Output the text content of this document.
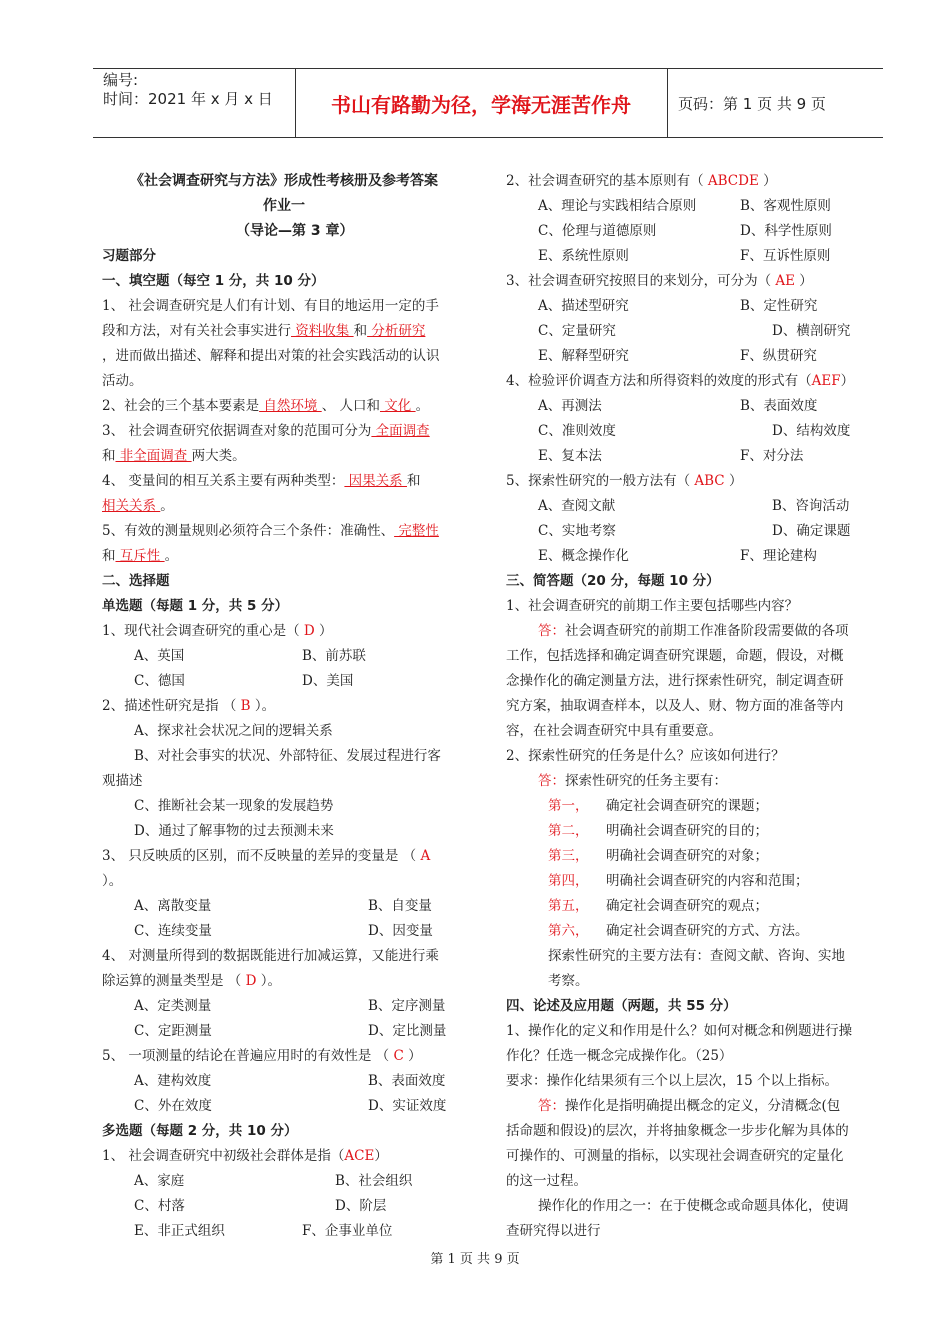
编号:
时间：2021 年 x 月 x 日	书山有路勤为径，学海无涯苦作舟	页码：第 1 页 共 9 页
《社会调查研究与方法》形成性考核册及参考答案
作业一
（导论—第 3 章）
习题部分
一、填空题（每空 1 分，共 10 分）
1、 社会调查研究是人们有计划、有目的地运用一定的手
段和方法，对有关社会事实进行 资料收集 和 分析研究
，进而做出描述、解释和提出对策的社会实践活动的认识
活动。
2、社会的三个基本要素是 自然环境 、 人口和 文化 。
3、 社会调查研究依据调查对象的范围可分为 全面调查
和 非全面调查 两大类。
4、 变量间的相互关系主要有两种类型： 因果关系 和
相关关系 。
5、有效的测量规则必须符合三个条件：准确性、 完整性
和 互斥性 。
二、选择题
单选题（每题 1 分，共 5 分）
1、现代社会调查研究的重心是（ D ）
A、英国	B、前苏联
C、德国	D、美国
2、描述性研究是指 （ B ）。
A、探求社会状况之间的逻辑关系
B、对社会事实的状况、外部特征、发展过程进行客
观描述
C、推断社会某一现象的发展趋势
D、通过了解事物的过去预测未来
3、 只反映质的区别，而不反映量的差异的变量是 （ A
）。
A、离散变量	B、自变量
C、连续变量	D、因变量
4、 对测量所得到的数据既能进行加减运算，又能进行乘
除运算的测量类型是 （ D ）。
A、定类测量	B、定序测量
C、定距测量	D、定比测量
5、 一项测量的结论在普遍应用时的有效性是 （ C ）
A、建构效度	B、表面效度
C、外在效度	D、实证效度
多选题（每题 2 分，共 10 分）
1、 社会调查研究中初级社会群体是指（ACE）
A、家庭	B、社会组织
C、村落	D、阶层
E、非正式组织	F、企事业单位
2、社会调查研究的基本原则有（ ABCDE ）
A、理论与实践相结合原则	B、客观性原则
C、伦理与道德原则	D、科学性原则
E、系统性原则	F、互诉性原则
3、社会调查研究按照目的来划分，可分为（ AE ）
A、描述型研究	B、定性研究
C、定量研究	D、横剖研究
E、解释型研究	F、纵贯研究
4、检验评价调查方法和所得资料的效度的形式有（AEF）
A、再测法	B、表面效度
C、准则效度	D、结构效度
E、复本法	F、对分法
5、探索性研究的一般方法有（ ABC ）
A、查阅文献	B、咨询活动
C、实地考察	D、确定课题
E、概念操作化	F、理论建构
三、简答题（20 分，每题 10 分）
1、社会调查研究的前期工作主要包括哪些内容？
答：社会调查研究的前期工作准备阶段需要做的各项
工作，包括选择和确定调查研究课题，命题，假设，对概
念操作化的确定测量方法，进行探索性研究，制定调查研
究方案，抽取调查样本，以及人、财、物方面的准备等内
容，在社会调查研究中具有重要意。
2、探索性研究的任务是什么？应该如何进行？
答：探索性研究的任务主要有：
第一， 确定社会调查研究的课题；
第二， 明确社会调查研究的目的；
第三， 明确社会调查研究的对象；
第四， 明确社会调查研究的内容和范围；
第五， 确定社会调查研究的观点；
第六， 确定社会调查研究的方式、方法。
探索性研究的主要方法有：查阅文献、咨询、实地
考察。
四、论述及应用题（两题，共 55 分）
1、操作化的定义和作用是什么？如何对概念和例题进行操
作化？任选一概念完成操作化。（25）
要求：操作化结果须有三个以上层次，15 个以上指标。
答：操作化是指明确提出概念的定义，分清概念(包
括命题和假设)的层次，并将抽象概念一步步化解为具体的
可操作的、可测量的指标，以实现社会调查研究的定量化
的这一过程。
操作化的作用之一：在于使概念或命题具体化，使调
查研究得以进行
第 1 页 共 9 页
